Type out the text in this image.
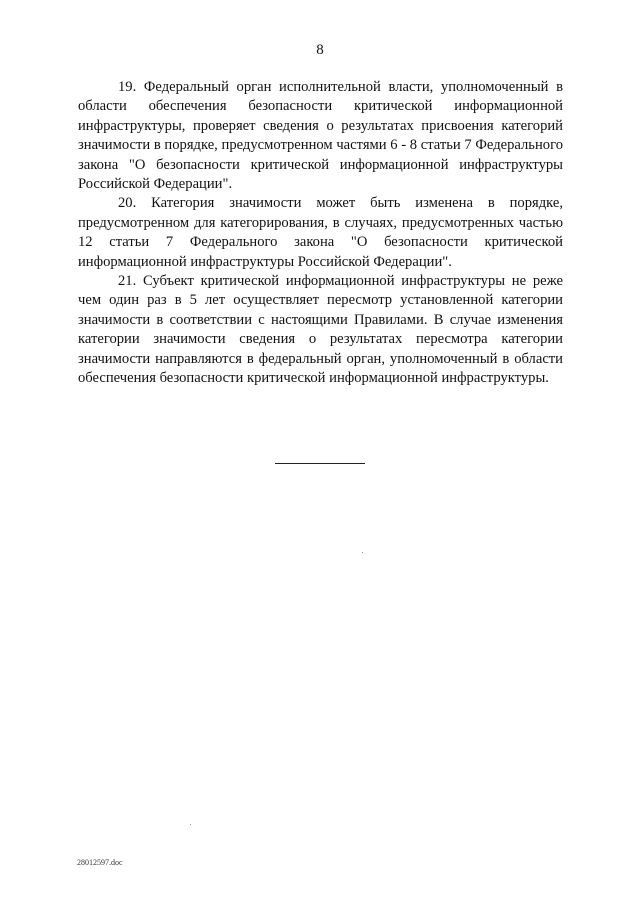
8

19. Федеральный орган исполнительной власти, уполномоченный в области обеспечения безопасности критической информационной инфраструктуры, проверяет сведения о результатах присвоения категорий значимости в порядке, предусмотренном частями 6 - 8 статьи 7 Федерального закона "О безопасности критической информационной инфраструктуры Российской Федерации".

20. Категория значимости может быть изменена в порядке, предусмотренном для категорирования, в случаях, предусмотренных частью 12 статьи 7 Федерального закона "О безопасности критической информационной инфраструктуры Российской Федерации".

21. Субъект критической информационной инфраструктуры не реже чем один раз в 5 лет осуществляет пересмотр установленной категории значимости в соответствии с настоящими Правилами. В случае изменения категории значимости сведения о результатах пересмотра категории значимости направляются в федеральный орган, уполномоченный в области обеспечения безопасности критической информационной инфраструктуры.

28012597.doc
